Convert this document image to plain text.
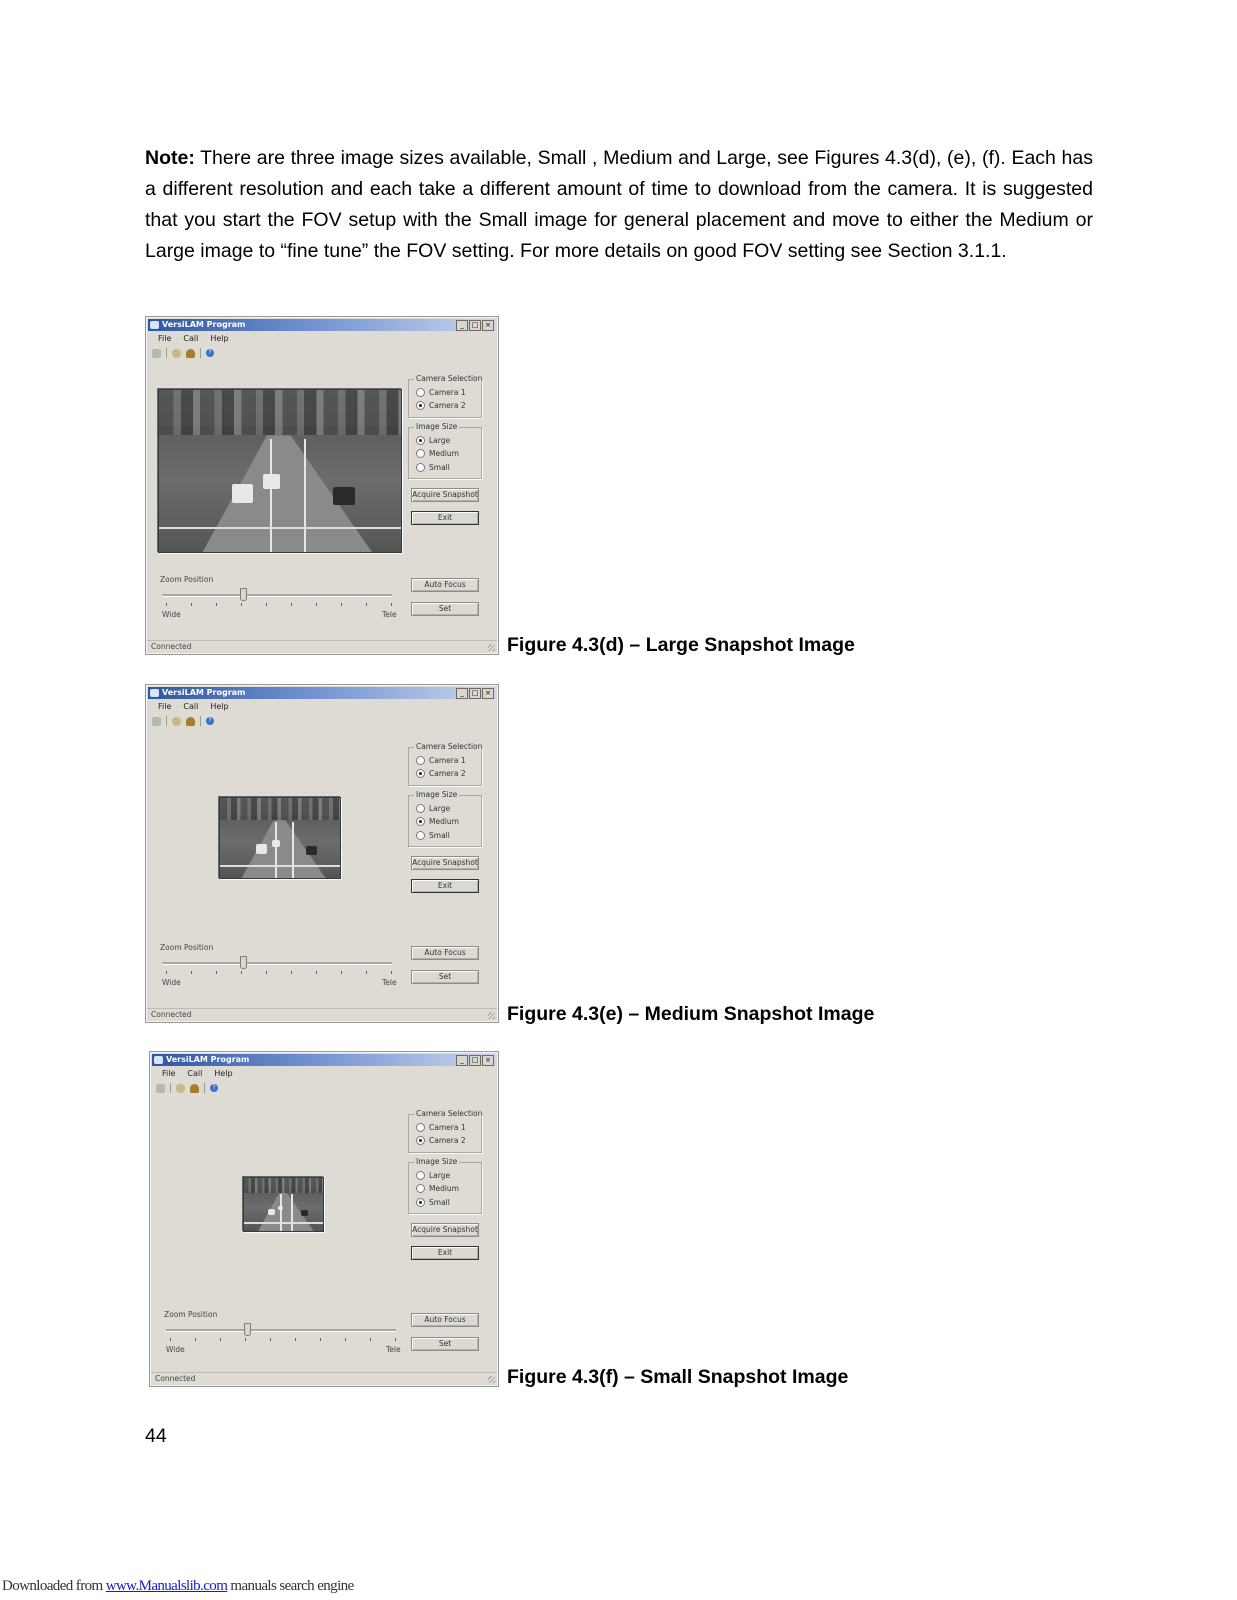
Note: There are three image sizes available, Small , Medium and Large, see Figures 4.3(d), (e), (f). Each has a different resolution and each take a different amount of time to download from the camera. It is suggested that you start the FOV setup with the Small image for general placement and move to either the Medium or Large image to “fine tune” the FOV setting. For more details on good FOV setting see Section 3.1.1.

VersiLAM Program	_	□ ×
File Call Help
?
Camera Selection
Camera 1
Camera 2
Image Size
Large
Medium
Small
Acquire Snapshot
Exit
Zoom Position
Wide	Tele
Auto Focus
Set
Connected	Figure 4.3(d) – Large Snapshot Image
VersiLAM Program	_	□ ×
File Call Help
?
Camera Selection
Camera 1
Camera 2
Image Size
Large
Medium
Small
Acquire Snapshot
Exit
Zoom Position
Wide	Tele
Auto Focus
Set
Connected	Figure 4.3(e) – Medium Snapshot Image
VersiLAM Program	_	□ ×
File Call Help
?
Camera Selection
Camera 1
Camera 2
Image Size
Large
Medium
Small
Acquire Snapshot
Exit
Zoom Position
Wide	Tele
Auto Focus
Set
Connected	Figure 4.3(f) – Small Snapshot Image
44
Downloaded from www.Manualslib.com manuals search engine
